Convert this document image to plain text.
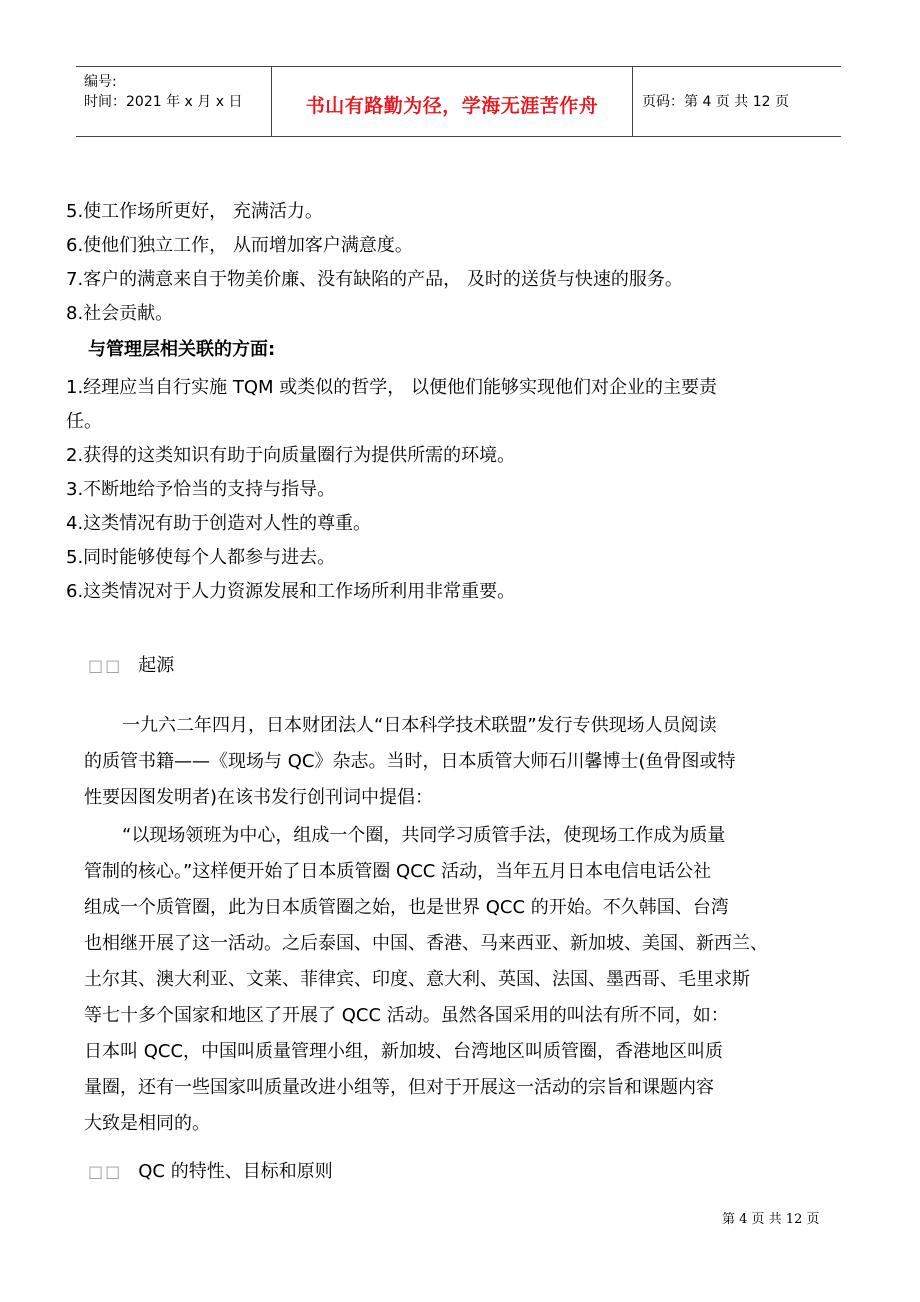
编号:
时间：2021 年 x 月 x 日	书山有路勤为径，学海无涯苦作舟	页码：第 4 页 共 12 页
5.使工作场所更好， 充满活力。
6.使他们独立工作， 从而增加客户满意度。
7.客户的满意来自于物美价廉、没有缺陷的产品， 及时的送货与快速的服务。
8.社会贡献。
与管理层相关联的方面:
1.经理应当自行实施 TQM 或类似的哲学， 以便他们能够实现他们对企业的主要责
任。
2.获得的这类知识有助于向质量圈行为提供所需的环境。
3.不断地给予恰当的支持与指导。
4.这类情况有助于创造对人性的尊重。
5.同时能够使每个人都参与进去。
6.这类情况对于人力资源发展和工作场所利用非常重要。
□□ 起源
一九六二年四月，日本财团法人“日本科学技术联盟”发行专供现场人员阅读
的质管书籍——《现场与 QC》杂志。当时，日本质管大师石川馨博士(鱼骨图或特
性要因图发明者)在该书发行创刊词中提倡：
“以现场领班为中心，组成一个圈，共同学习质管手法，使现场工作成为质量
管制的核心。”这样便开始了日本质管圈 QCC 活动，当年五月日本电信电话公社
组成一个质管圈，此为日本质管圈之始，也是世界 QCC 的开始。不久韩国、台湾
也相继开展了这一活动。之后泰国、中国、香港、马来西亚、新加坡、美国、新西兰、
土尔其、澳大利亚、文莱、菲律宾、印度、意大利、英国、法国、墨西哥、毛里求斯
等七十多个国家和地区了开展了 QCC 活动。虽然各国采用的叫法有所不同，如：
日本叫 QCC，中国叫质量管理小组，新加坡、台湾地区叫质管圈，香港地区叫质
量圈，还有一些国家叫质量改进小组等，但对于开展这一活动的宗旨和课题内容
大致是相同的。
□□ QC 的特性、目标和原则
第 4 页 共 12 页
